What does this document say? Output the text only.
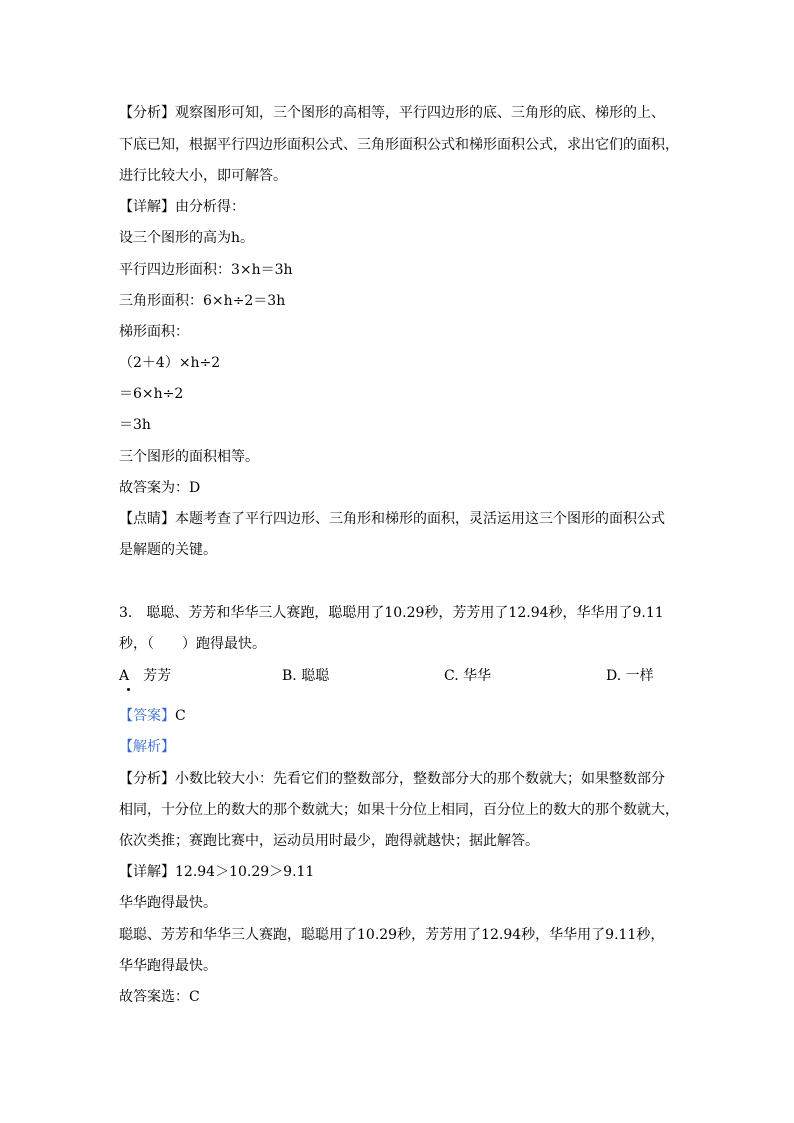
【分析】观察图形可知，三个图形的高相等，平行四边形的底、三角形的底、梯形的上、
下底已知，根据平行四边形面积公式、三角形面积公式和梯形面积公式，求出它们的面积，
进行比较大小，即可解答。
【详解】由分析得：
设三个图形的高为h。
平行四边形面积：3×h＝3h
三角形面积：6×h÷2＝3h
梯形面积：
（2＋4）×h÷2
＝6×h÷2
＝3h
三个图形的面积相等。
故答案为：D
【点睛】本题考查了平行四边形、三角形和梯形的面积，灵活运用这三个图形的面积公式
是解题的关键。
3.　聪聪、芳芳和华华三人赛跑，聪聪用了10.29秒，芳芳用了12.94秒，华华用了9.11
秒，（　　）跑得最快。
A　芳芳	B. 聪聪	C. 华华	D. 一样
【答案】C
【解析】
【分析】小数比较大小：先看它们的整数部分，整数部分大的那个数就大；如果整数部分
相同，十分位上的数大的那个数就大；如果十分位上相同，百分位上的数大的那个数就大，
依次类推；赛跑比赛中，运动员用时最少，跑得就越快；据此解答。
【详解】12.94＞10.29＞9.11
华华跑得最快。
聪聪、芳芳和华华三人赛跑，聪聪用了10.29秒，芳芳用了12.94秒，华华用了9.11秒，
华华跑得最快。
故答案选：C
